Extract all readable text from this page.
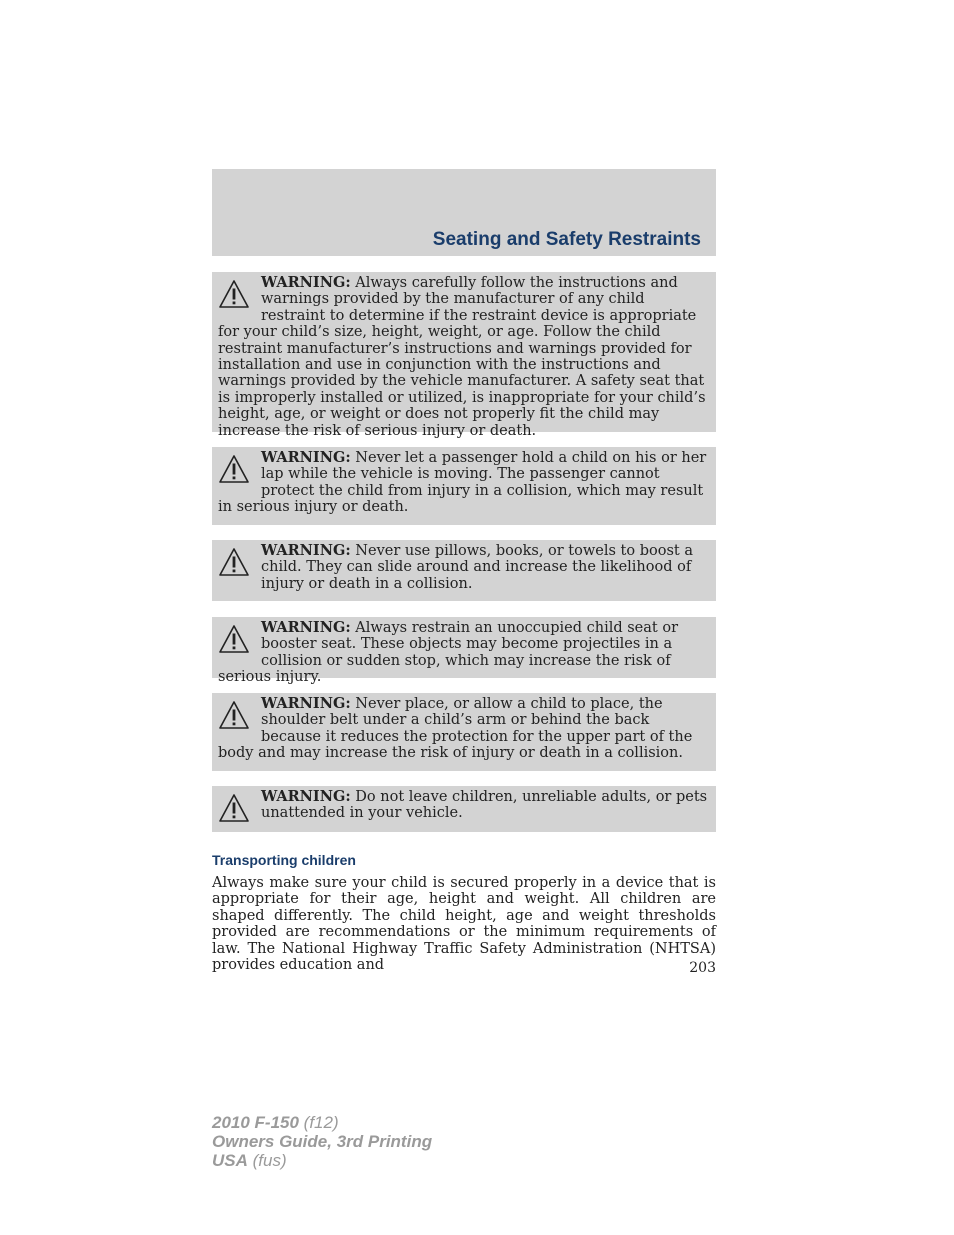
Seating and Safety Restraints
WARNING: Always carefully follow the instructions and warnings provided by the manufacturer of any child restraint to determine if the restraint device is appropriate for your child’s size, height, weight, or age. Follow the child restraint manufacturer’s instructions and warnings provided for installation and use in conjunction with the instructions and warnings provided by the vehicle manufacturer. A safety seat that is improperly installed or utilized, is inappropriate for your child’s height, age, or weight or does not properly fit the child may increase the risk of serious injury or death.
WARNING: Never let a passenger hold a child on his or her lap while the vehicle is moving. The passenger cannot protect the child from injury in a collision, which may result in serious injury or death.
WARNING: Never use pillows, books, or towels to boost a child. They can slide around and increase the likelihood of injury or death in a collision.
WARNING: Always restrain an unoccupied child seat or booster seat. These objects may become projectiles in a collision or sudden stop, which may increase the risk of serious injury.
WARNING: Never place, or allow a child to place, the shoulder belt under a child’s arm or behind the back because it reduces the protection for the upper part of the body and may increase the risk of injury or death in a collision.
WARNING: Do not leave children, unreliable adults, or pets unattended in your vehicle.
Transporting children
Always make sure your child is secured properly in a device that is appropriate for their age, height and weight. All children are shaped differently. The child height, age and weight thresholds provided are recommendations or the minimum requirements of law. The National Highway Traffic Safety Administration (NHTSA) provides education and	203
2010 F-150 (f12)
Owners Guide, 3rd Printing
USA (fus)
